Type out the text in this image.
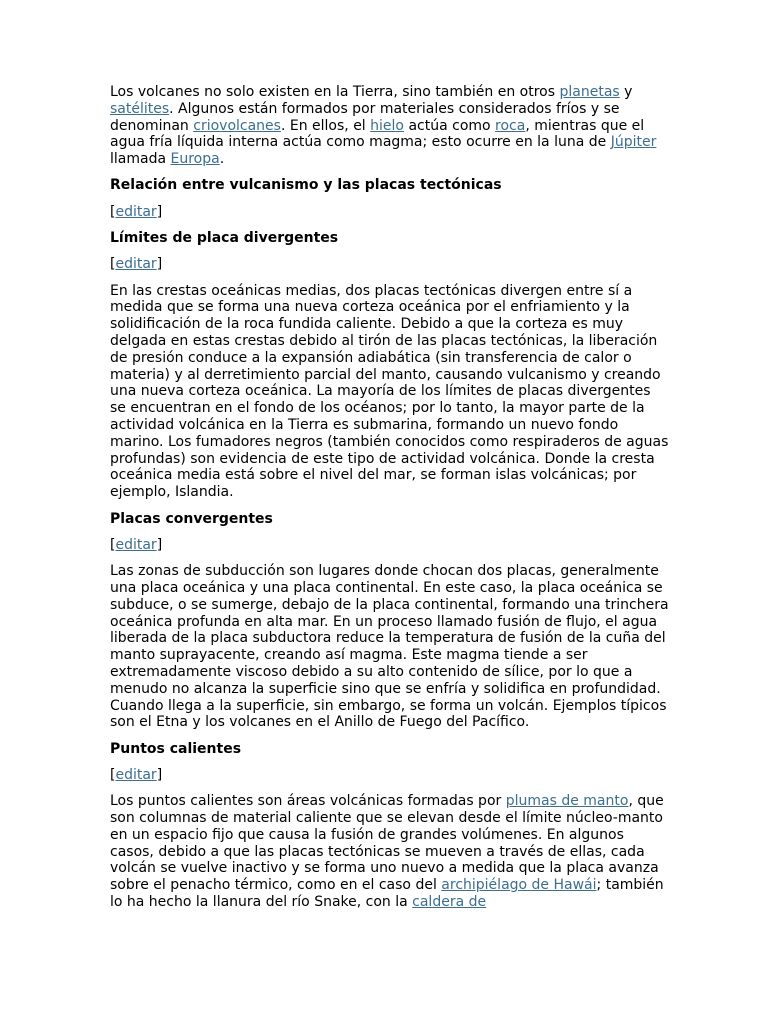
Los volcanes no solo existen en la Tierra, sino también en otros planetas y satélites. Algunos están formados por materiales considerados fríos y se denominan criovolcanes. En ellos, el hielo actúa como roca, mientras que el agua fría líquida interna actúa como magma; esto ocurre en la luna de Júpiter llamada Europa.

Relación entre vulcanismo y las placas tectónicas

[editar]

Límites de placa divergentes

[editar]

En las crestas oceánicas medias, dos placas tectónicas divergen entre sí a medida que se forma una nueva corteza oceánica por el enfriamiento y la solidificación de la roca fundida caliente. Debido a que la corteza es muy delgada en estas crestas debido al tirón de las placas tectónicas, la liberación de presión conduce a la expansión adiabática (sin transferencia de calor o materia) y al derretimiento parcial del manto, causando vulcanismo y creando una nueva corteza oceánica. La mayoría de los límites de placas divergentes se encuentran en el fondo de los océanos; por lo tanto, la mayor parte de la actividad volcánica en la Tierra es submarina, formando un nuevo fondo marino. Los fumadores negros (también conocidos como respiraderos de aguas profundas) son evidencia de este tipo de actividad volcánica. Donde la cresta oceánica media está sobre el nivel del mar, se forman islas volcánicas; por ejemplo, Islandia.

Placas convergentes

[editar]

Las zonas de subducción son lugares donde chocan dos placas, generalmente una placa oceánica y una placa continental. En este caso, la placa oceánica se subduce, o se sumerge, debajo de la placa continental, formando una trinchera oceánica profunda en alta mar. En un proceso llamado fusión de flujo, el agua liberada de la placa subductora reduce la temperatura de fusión de la cuña del manto suprayacente, creando así magma. Este magma tiende a ser extremadamente viscoso debido a su alto contenido de sílice, por lo que a menudo no alcanza la superficie sino que se enfría y solidifica en profundidad. Cuando llega a la superficie, sin embargo, se forma un volcán. Ejemplos típicos son el Etna y los volcanes en el Anillo de Fuego del Pacífico.

Puntos calientes

[editar]

Los puntos calientes son áreas volcánicas formadas por plumas de manto, que son columnas de material caliente que se elevan desde el límite núcleo-manto en un espacio fijo que causa la fusión de grandes volúmenes. En algunos casos, debido a que las placas tectónicas se mueven a través de ellas, cada volcán se vuelve inactivo y se forma uno nuevo a medida que la placa avanza sobre el penacho térmico, como en el caso del archipiélago de Hawái; también lo ha hecho la llanura del río Snake, con la caldera de
